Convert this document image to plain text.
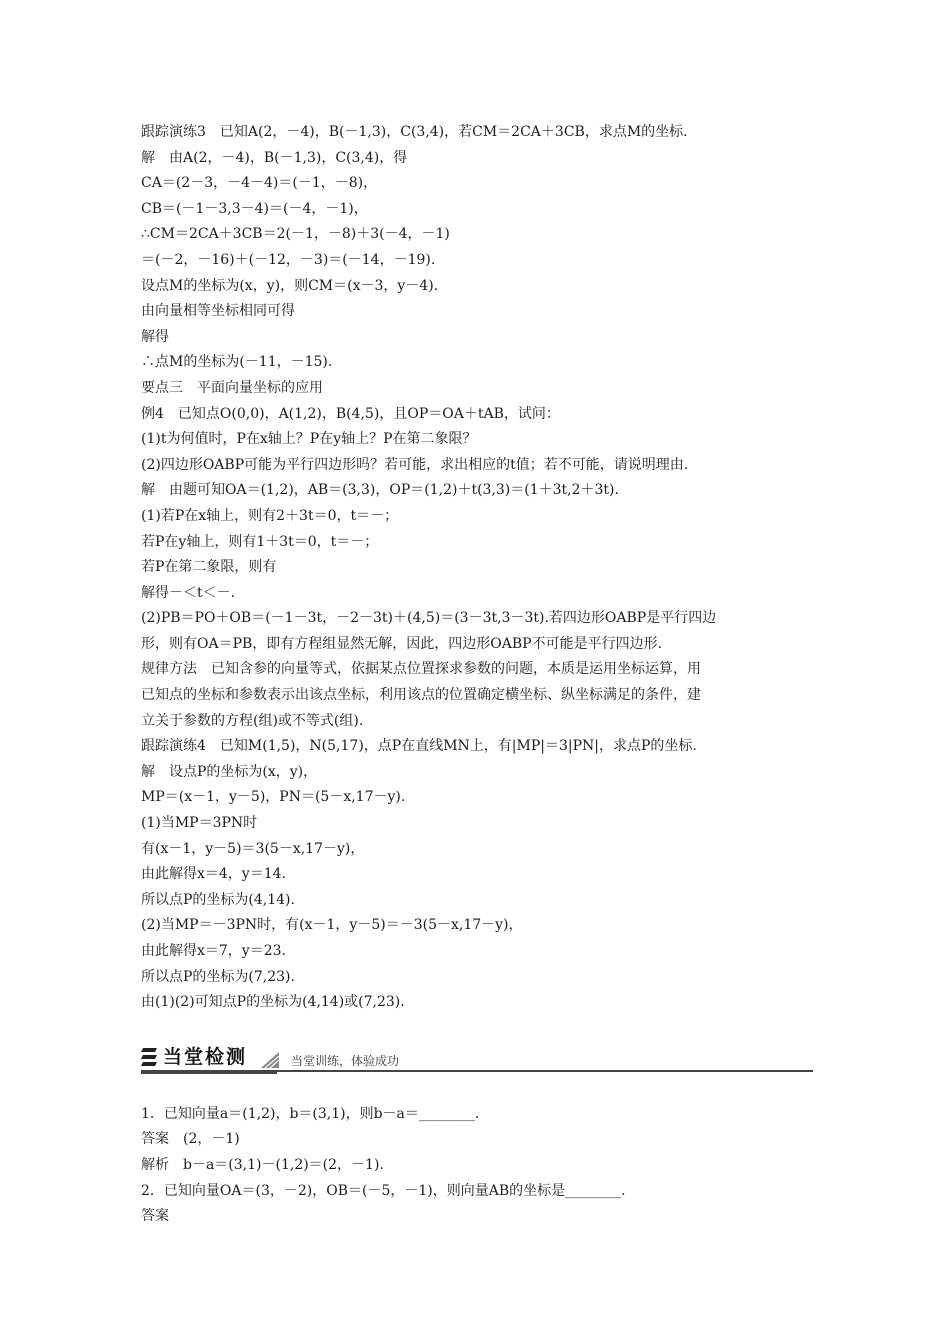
跟踪演练3　已知A(2，－4)，B(－1,3)，C(3,4)，若CM＝2CA＋3CB，求点M的坐标.
解　由A(2，－4)，B(－1,3)，C(3,4)，得
CA＝(2－3，－4－4)＝(－1，－8)，
CB＝(－1－3,3－4)＝(－4，－1)，
∴CM＝2CA＋3CB＝2(－1，－8)＋3(－4，－1)
＝(－2，－16)＋(－12，－3)＝(－14，－19).
设点M的坐标为(x，y)，则CM＝(x－3，y－4).
由向量相等坐标相同可得
解得
∴点M的坐标为(－11，－15).
要点三　平面向量坐标的应用
例4　已知点O(0,0)，A(1,2)，B(4,5)，且OP＝OA＋tAB，试问：
(1)t为何值时，P在x轴上？P在y轴上？P在第二象限？
(2)四边形OABP可能为平行四边形吗？若可能，求出相应的t值；若不可能，请说明理由.
解　由题可知OA＝(1,2)，AB＝(3,3)，OP＝(1,2)＋t(3,3)＝(1＋3t,2＋3t).
(1)若P在x轴上，则有2＋3t＝0，t＝－；
若P在y轴上，则有1＋3t＝0，t＝－；
若P在第二象限，则有
解得－＜t＜－.
(2)PB＝PO＋OB＝(－1－3t，－2－3t)＋(4,5)＝(3－3t,3－3t).若四边形OABP是平行四边
形，则有OA＝PB，即有方程组显然无解，因此，四边形OABP不可能是平行四边形.
规律方法　已知含参的向量等式，依据某点位置探求参数的问题，本质是运用坐标运算，用
已知点的坐标和参数表示出该点坐标，利用该点的位置确定横坐标、纵坐标满足的条件，建
立关于参数的方程(组)或不等式(组).
跟踪演练4　已知M(1,5)，N(5,17)，点P在直线MN上，有|MP|＝3|PN|，求点P的坐标.
解　设点P的坐标为(x，y)，
MP＝(x－1，y－5)，PN＝(5－x,17－y).
(1)当MP＝3PN时
有(x－1，y－5)＝3(5－x,17－y)，
由此解得x＝4，y＝14.
所以点P的坐标为(4,14).
(2)当MP＝－3PN时，有(x－1，y－5)＝－3(5－x,17－y)，
由此解得x＝7，y＝23.
所以点P的坐标为(7,23).
由(1)(2)可知点P的坐标为(4,14)或(7,23).
当堂检测	当堂训练，体验成功
1．已知向量a＝(1,2)，b＝(3,1)，则b－a＝________.
答案　(2，－1)
解析　b－a＝(3,1)－(1,2)＝(2，－1).
2．已知向量OA＝(3，－2)，OB＝(－5，－1)，则向量AB的坐标是________.
答案
